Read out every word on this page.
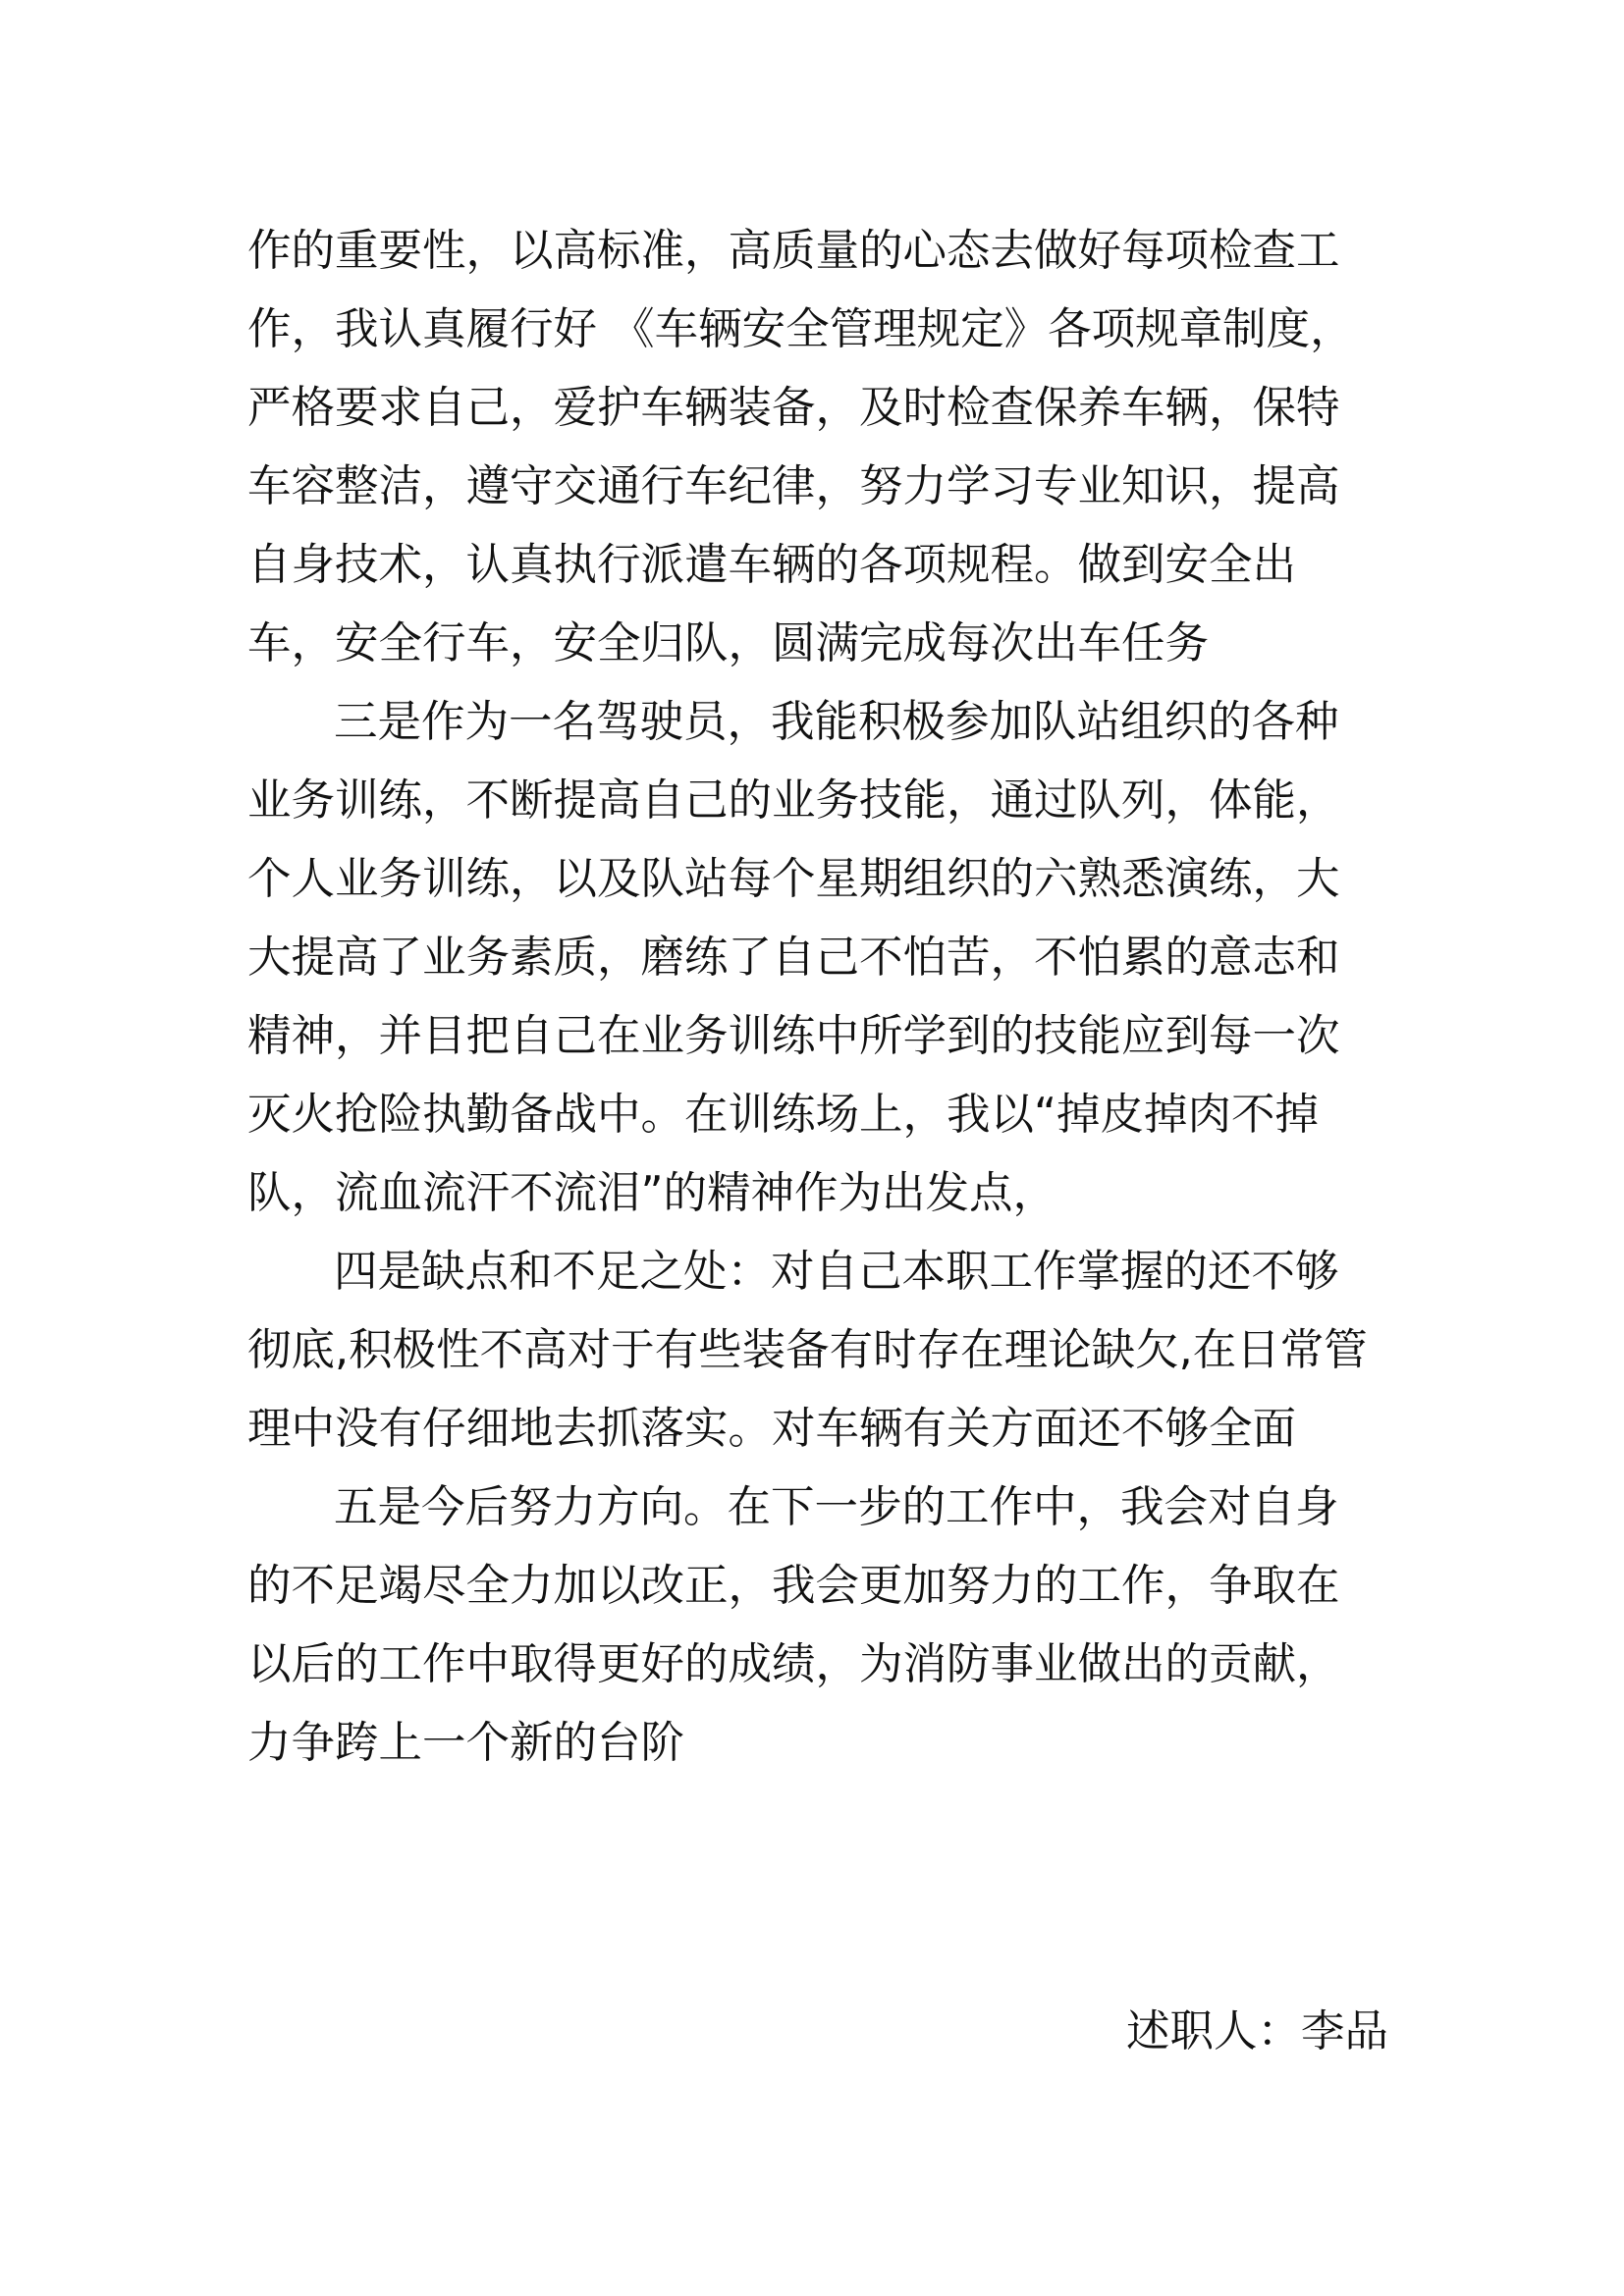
作的重要性，以高标准，高质量的心态去做好每项检查工
作，我认真履行好 《车辆安全管理规定》各项规章制度，
严格要求自己，爱护车辆装备，及时检查保养车辆，保特
车容整洁，遵守交通行车纪律，努力学习专业知识，提高
自身技术，认真执行派遣车辆的各项规程。做到安全出
车，安全行车，安全归队，圆满完成每次出车任务
三是作为一名驾驶员，我能积极参加队站组织的各种
业务训练，不断提高自己的业务技能，通过队列，体能，
个人业务训练，以及队站每个星期组织的六熟悉演练，大
大提高了业务素质，磨练了自己不怕苦，不怕累的意志和
精神，并目把自己在业务训练中所学到的技能应到每一次
灭火抢险执勤备战中。在训练场上，我以“掉皮掉肉不掉
队，流血流汗不流泪”的精神作为出发点，
四是缺点和不足之处：对自己本职工作掌握的还不够
彻底,积极性不高对于有些装备有时存在理论缺欠,在日常管
理中没有仔细地去抓落实。对车辆有关方面还不够全面
五是今后努力方向。在下一步的工作中，我会对自身
的不足竭尽全力加以改正，我会更加努力的工作，争取在
以后的工作中取得更好的成绩，为消防事业做出的贡献，
力争跨上一个新的台阶
述职人：李品
